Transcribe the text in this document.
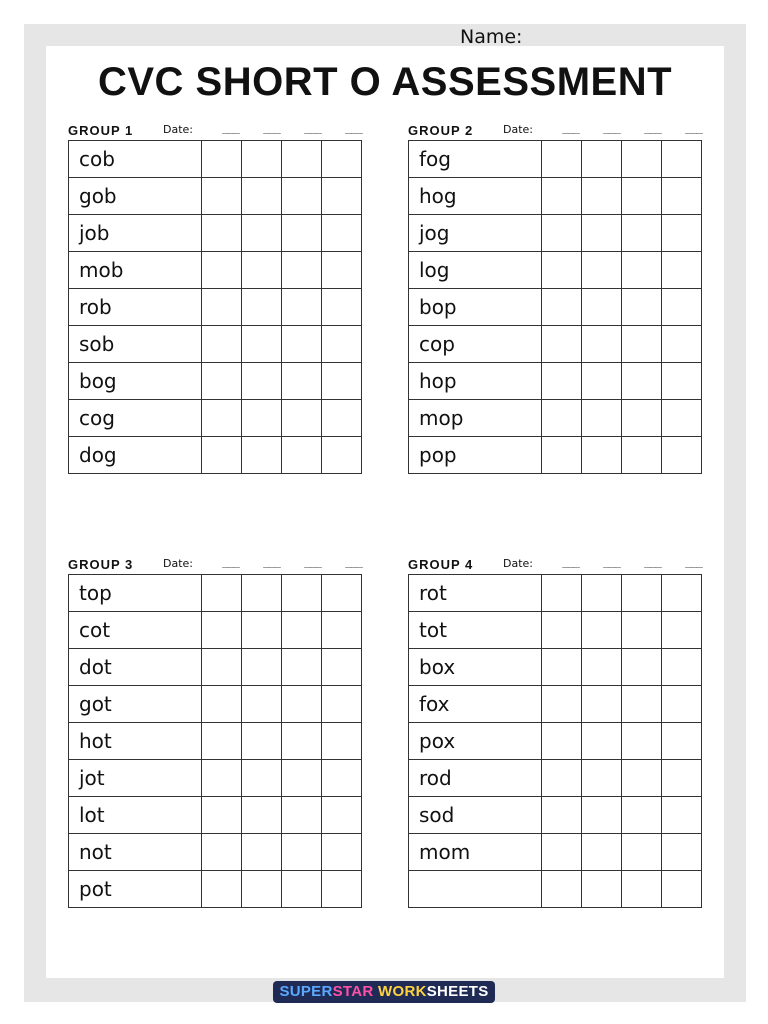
Name:
CVC SHORT O ASSESSMENT
GROUP 1	Date:	___	___	___	___
cob				
gob				
job				
mob				
rob				
sob				
bog				
cog				
dog				
GROUP 2	Date:	___	___	___	___
fog				
hog				
jog				
log				
bop				
cop				
hop				
mop				
pop				
GROUP 3	Date:	___	___	___	___
top				
cot				
dot				
got				
hot				
jot				
lot				
not				
pot				
GROUP 4	Date:	___	___	___	___
rot				
tot				
box				
fox				
pox				
rod				
sod				
mom				

SUPERSTAR WORKSHEETS
